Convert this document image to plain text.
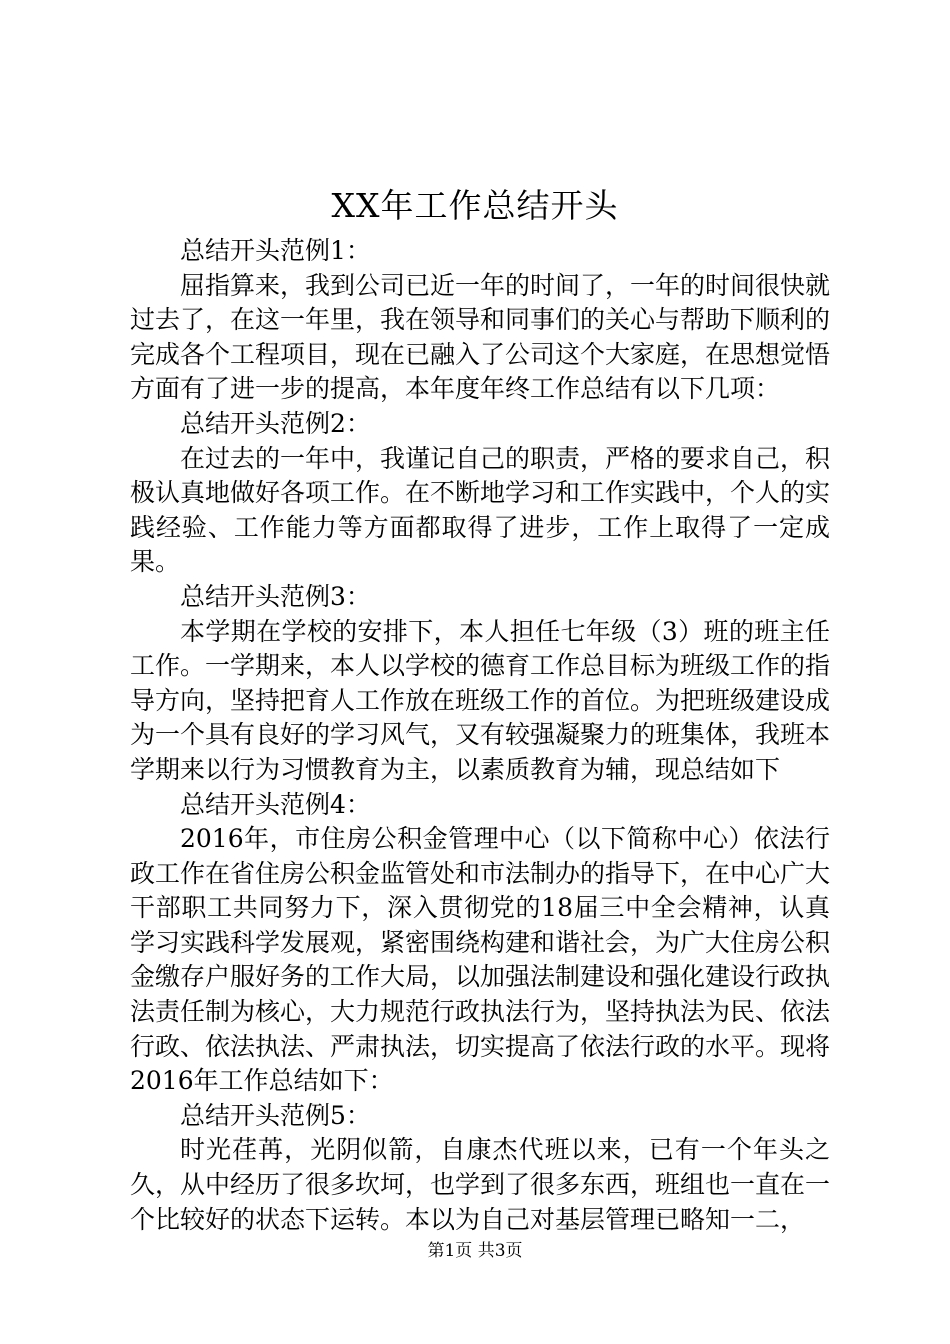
XX年工作总结开头

总结开头范例1：

屈指算来，我到公司已近一年的时间了，一年的时间很快就过去了，在这一年里，我在领导和同事们的关心与帮助下顺利的完成各个工程项目，现在已融入了公司这个大家庭，在思想觉悟方面有了进一步的提高，本年度年终工作总结有以下几项：

总结开头范例2：

在过去的一年中，我谨记自己的职责，严格的要求自己，积极认真地做好各项工作。在不断地学习和工作实践中，个人的实践经验、工作能力等方面都取得了进步，工作上取得了一定成果。

总结开头范例3：

本学期在学校的安排下，本人担任七年级（3）班的班主任工作。一学期来，本人以学校的德育工作总目标为班级工作的指导方向，坚持把育人工作放在班级工作的首位。为把班级建设成为一个具有良好的学习风气，又有较强凝聚力的班集体，我班本学期来以行为习惯教育为主，以素质教育为辅，现总结如下

总结开头范例4：

2016年，市住房公积金管理中心（以下简称中心）依法行政工作在省住房公积金监管处和市法制办的指导下，在中心广大干部职工共同努力下，深入贯彻党的18届三中全会精神，认真学习实践科学发展观，紧密围绕构建和谐社会，为广大住房公积金缴存户服好务的工作大局，以加强法制建设和强化建设行政执法责任制为核心，大力规范行政执法行为，坚持执法为民、依法行政、依法执法、严肃执法，切实提高了依法行政的水平。现将2016年工作总结如下：

总结开头范例5：

时光荏苒，光阴似箭，自康杰代班以来，已有一个年头之久，从中经历了很多坎坷，也学到了很多东西，班组也一直在一个比较好的状态下运转。本以为自己对基层管理已略知一二，

第1页 共3页
